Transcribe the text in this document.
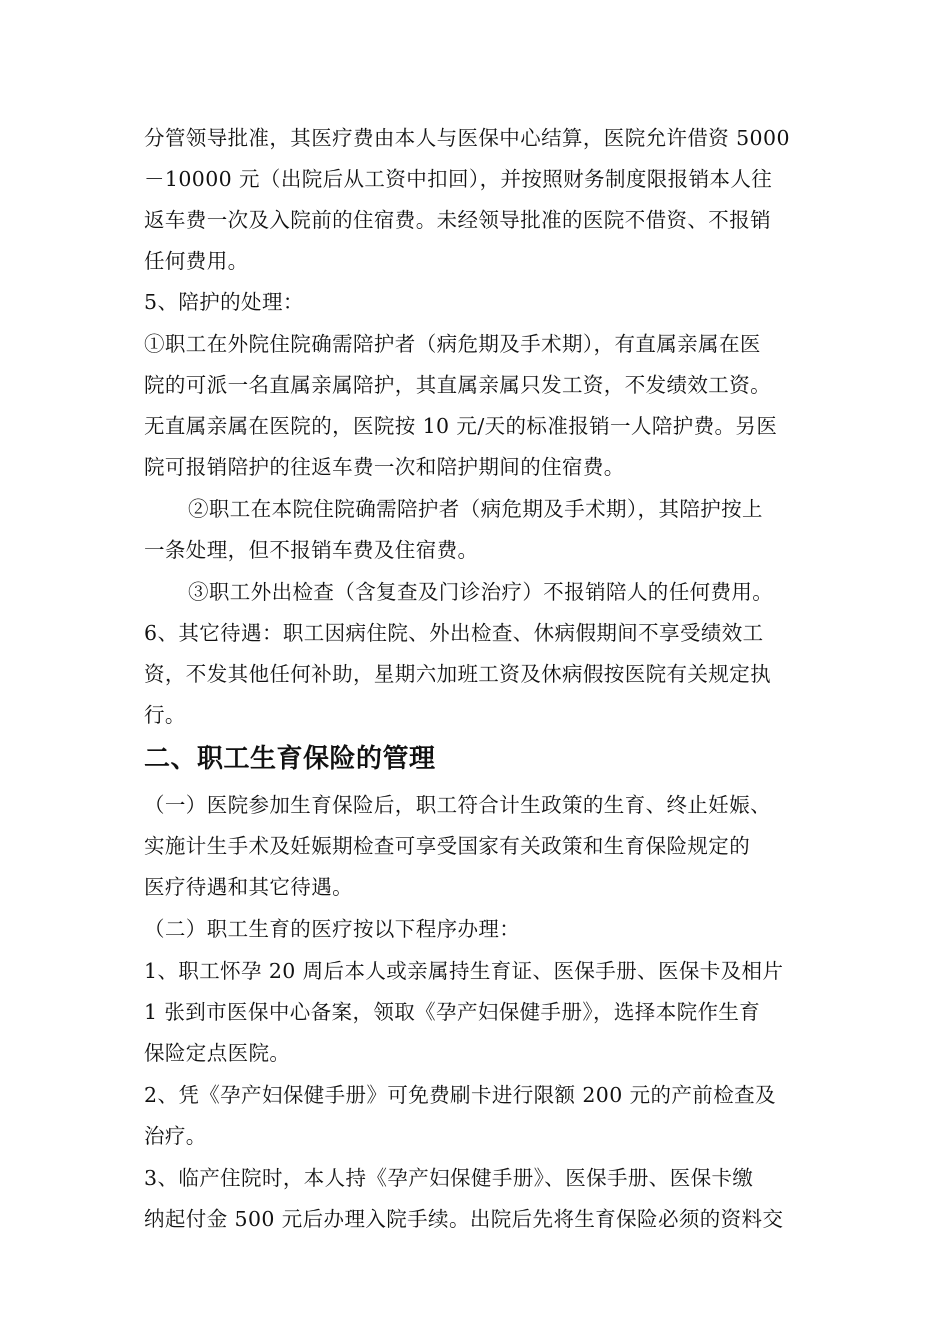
分管领导批准，其医疗费由本人与医保中心结算，医院允许借资 5000
－10000 元（出院后从工资中扣回），并按照财务制度限报销本人往
返车费一次及入院前的住宿费。未经领导批准的医院不借资、不报销
任何费用。
5、陪护的处理：
①职工在外院住院确需陪护者（病危期及手术期），有直属亲属在医
院的可派一名直属亲属陪护，其直属亲属只发工资，不发绩效工资。
无直属亲属在医院的，医院按 10 元/天的标准报销一人陪护费。另医
院可报销陪护的往返车费一次和陪护期间的住宿费。
②职工在本院住院确需陪护者（病危期及手术期），其陪护按上
一条处理，但不报销车费及住宿费。
③职工外出检查（含复查及门诊治疗）不报销陪人的任何费用。
6、其它待遇：职工因病住院、外出检查、休病假期间不享受绩效工
资，不发其他任何补助，星期六加班工资及休病假按医院有关规定执
行。
二、职工生育保险的管理
（一）医院参加生育保险后，职工符合计生政策的生育、终止妊娠、
实施计生手术及妊娠期检查可享受国家有关政策和生育保险规定的
医疗待遇和其它待遇。
（二）职工生育的医疗按以下程序办理：
1、职工怀孕 20 周后本人或亲属持生育证、医保手册、医保卡及相片
1 张到市医保中心备案，领取《孕产妇保健手册》，选择本院作生育
保险定点医院。
2、凭《孕产妇保健手册》可免费刷卡进行限额 200 元的产前检查及
治疗。
3、临产住院时，本人持《孕产妇保健手册》、医保手册、医保卡缴
纳起付金 500 元后办理入院手续。出院后先将生育保险必须的资料交
